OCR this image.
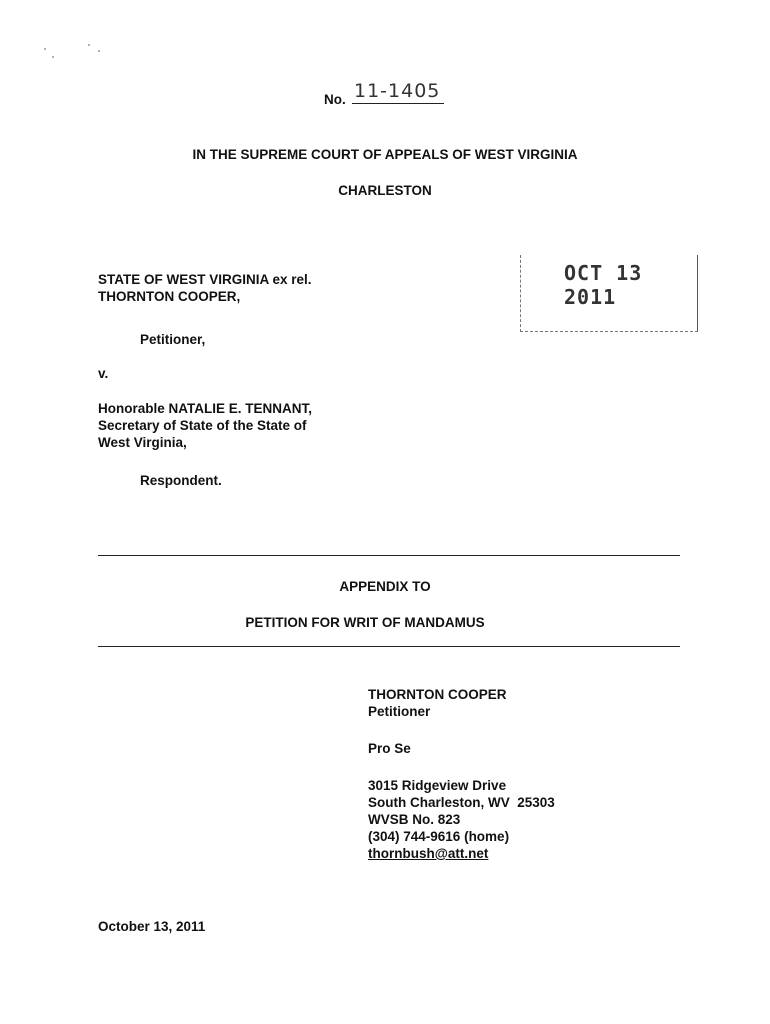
No. 11-1405
IN THE SUPREME COURT OF APPEALS OF WEST VIRGINIA
CHARLESTON
OCT 13 2011
STATE OF WEST VIRGINIA ex rel.
THORNTON COOPER,
Petitioner,
v.
Honorable NATALIE E. TENNANT,
Secretary of State of the State of
West Virginia,
Respondent.
APPENDIX TO
PETITION FOR WRIT OF MANDAMUS
THORNTON COOPER
Petitioner
Pro Se
3015 Ridgeview Drive
South Charleston, WV  25303
WVSB No. 823
(304) 744-9616 (home)
thornbush@att.net
October 13, 2011
